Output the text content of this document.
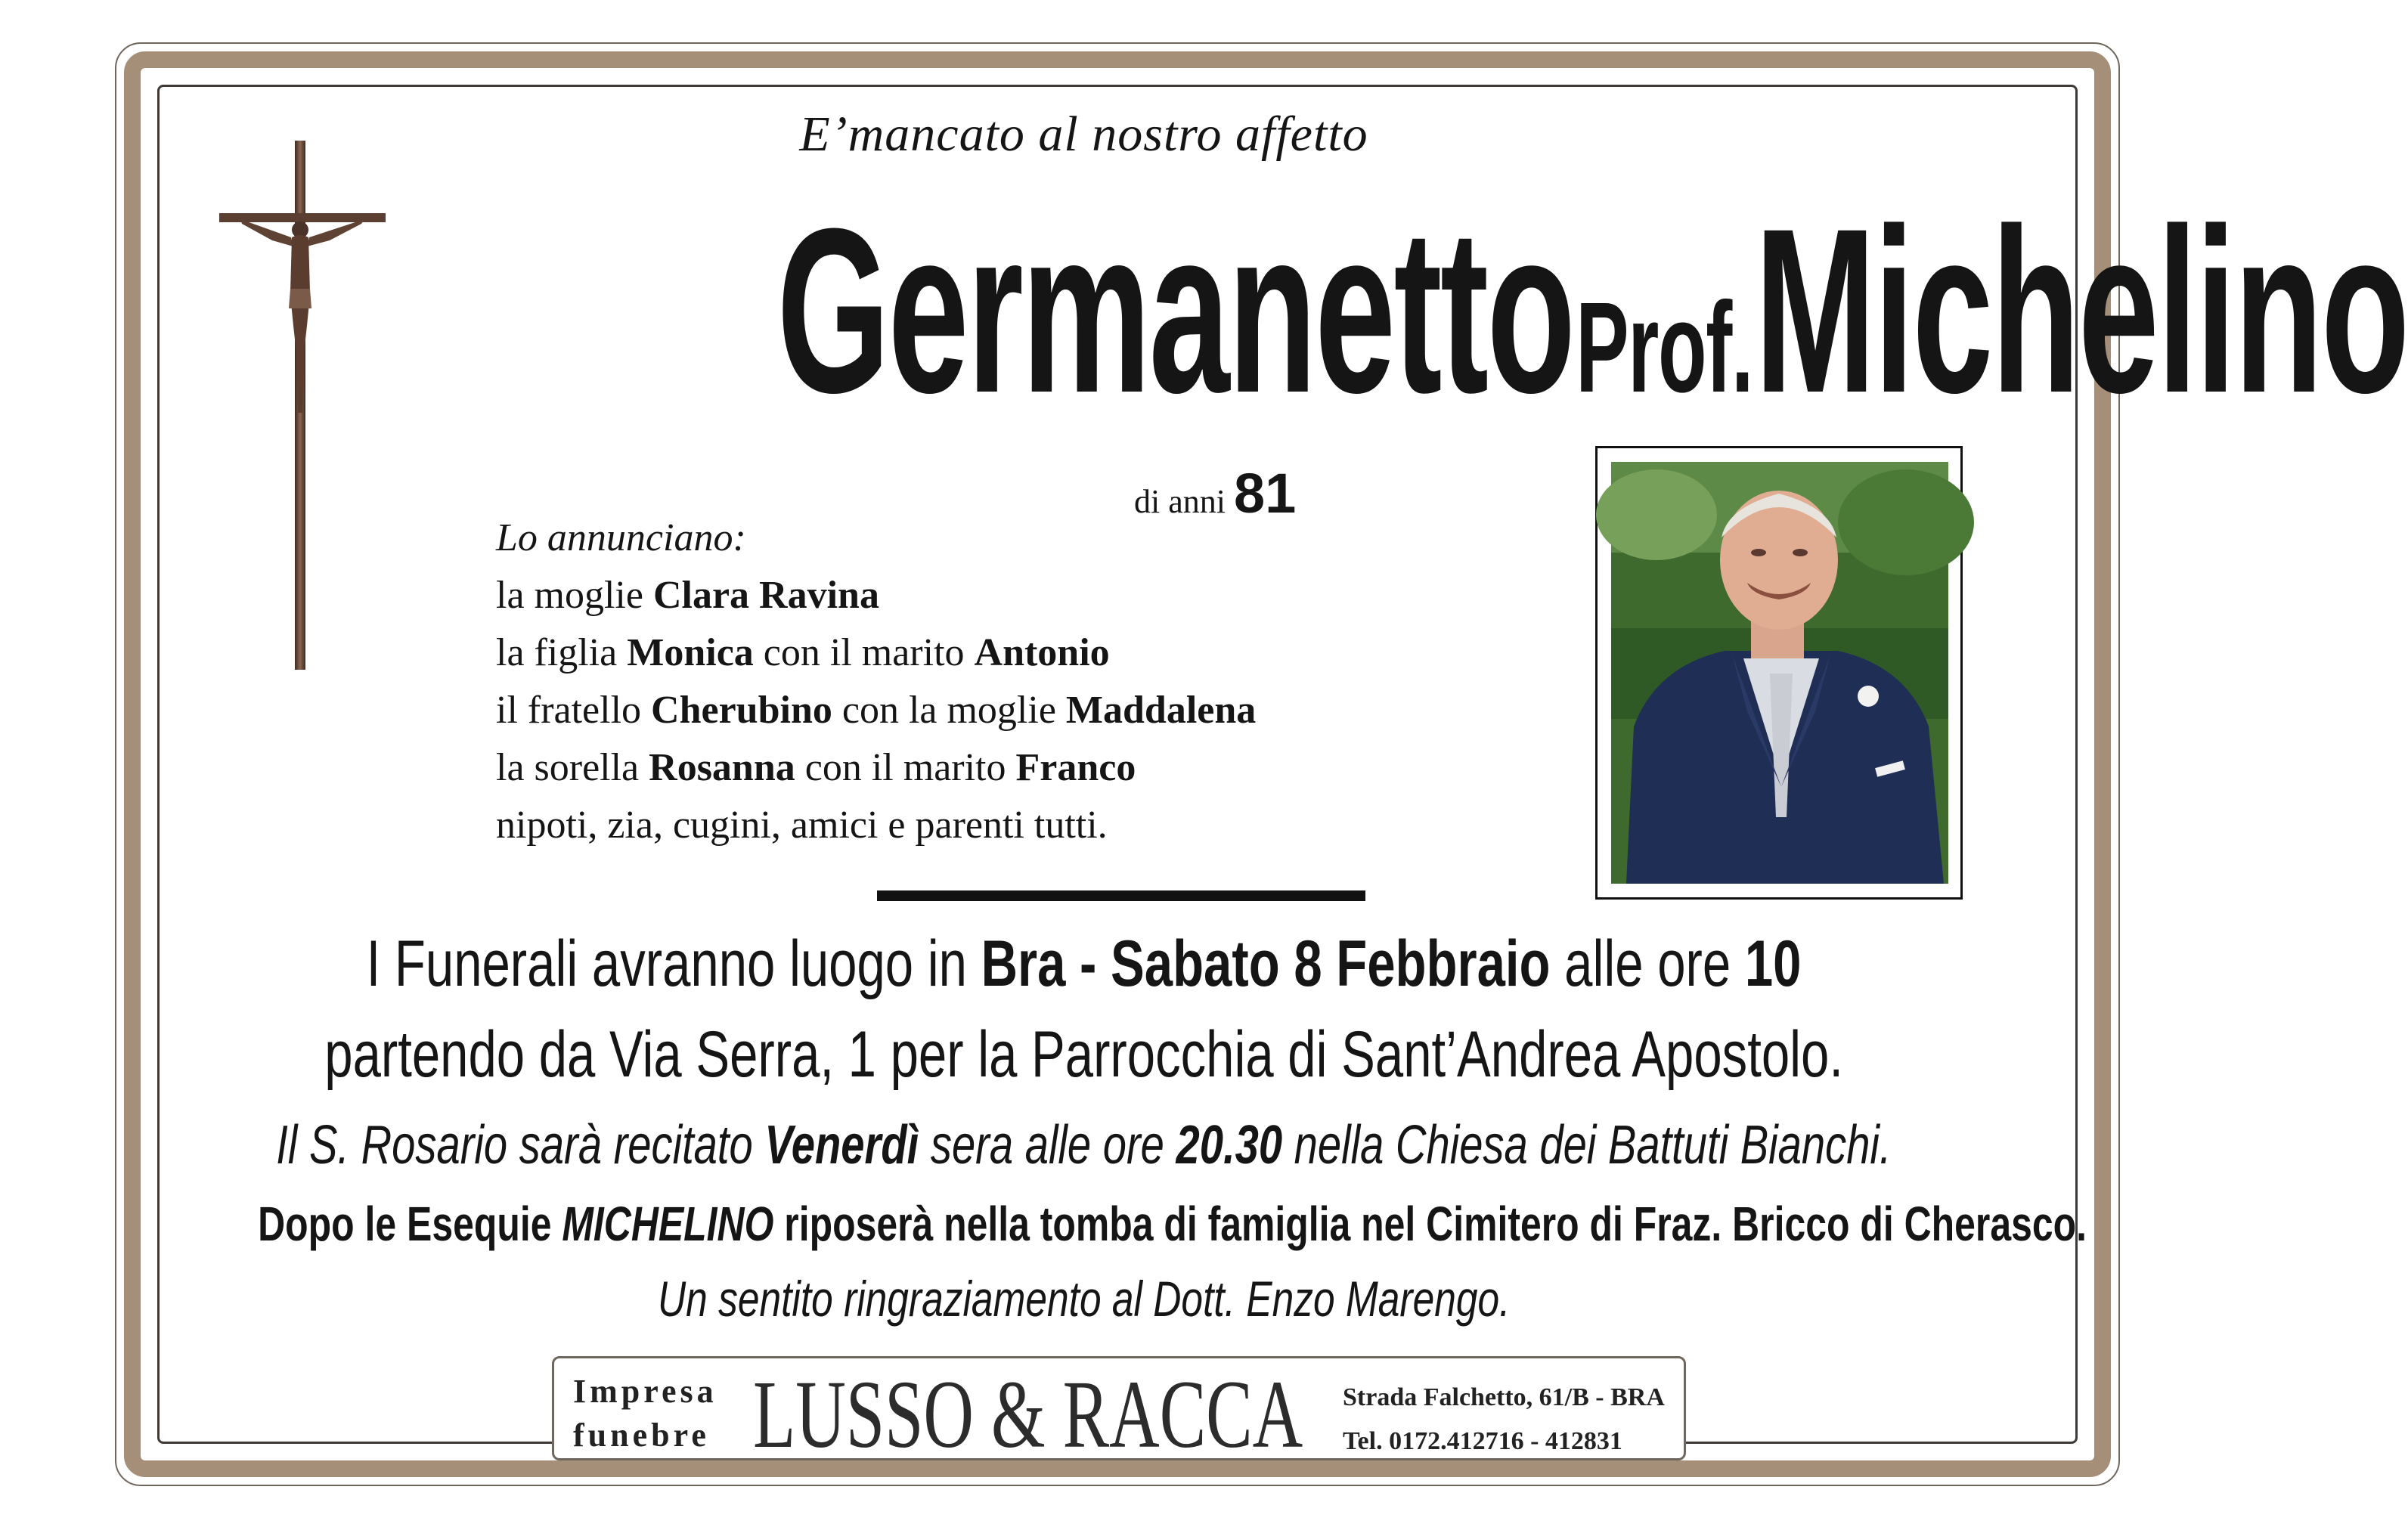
E’mancato al nostro affetto
Germanetto Prof. Michelino
di anni 81
Lo annunciano:
la moglie Clara Ravina
la figlia Monica con il marito Antonio
il fratello Cherubino con la moglie Maddalena
la sorella Rosanna con il marito Franco
nipoti, zia, cugini, amici e parenti tutti.
I Funerali avranno luogo in Bra - Sabato 8 Febbraio alle ore 10
partendo da Via Serra, 1 per la Parrocchia di Sant’Andrea Apostolo.
Il S. Rosario sarà recitato Venerdì sera alle ore 20.30 nella Chiesa dei Battuti Bianchi.
Dopo le Esequie MICHELINO riposerà nella tomba di famiglia nel Cimitero di Fraz. Bricco di Cherasco.
Un sentito ringraziamento al Dott. Enzo Marengo.
Impresa
funebre LUSSO & RACCA Strada Falchetto, 61/B - BRA
Tel. 0172.412716 - 412831
